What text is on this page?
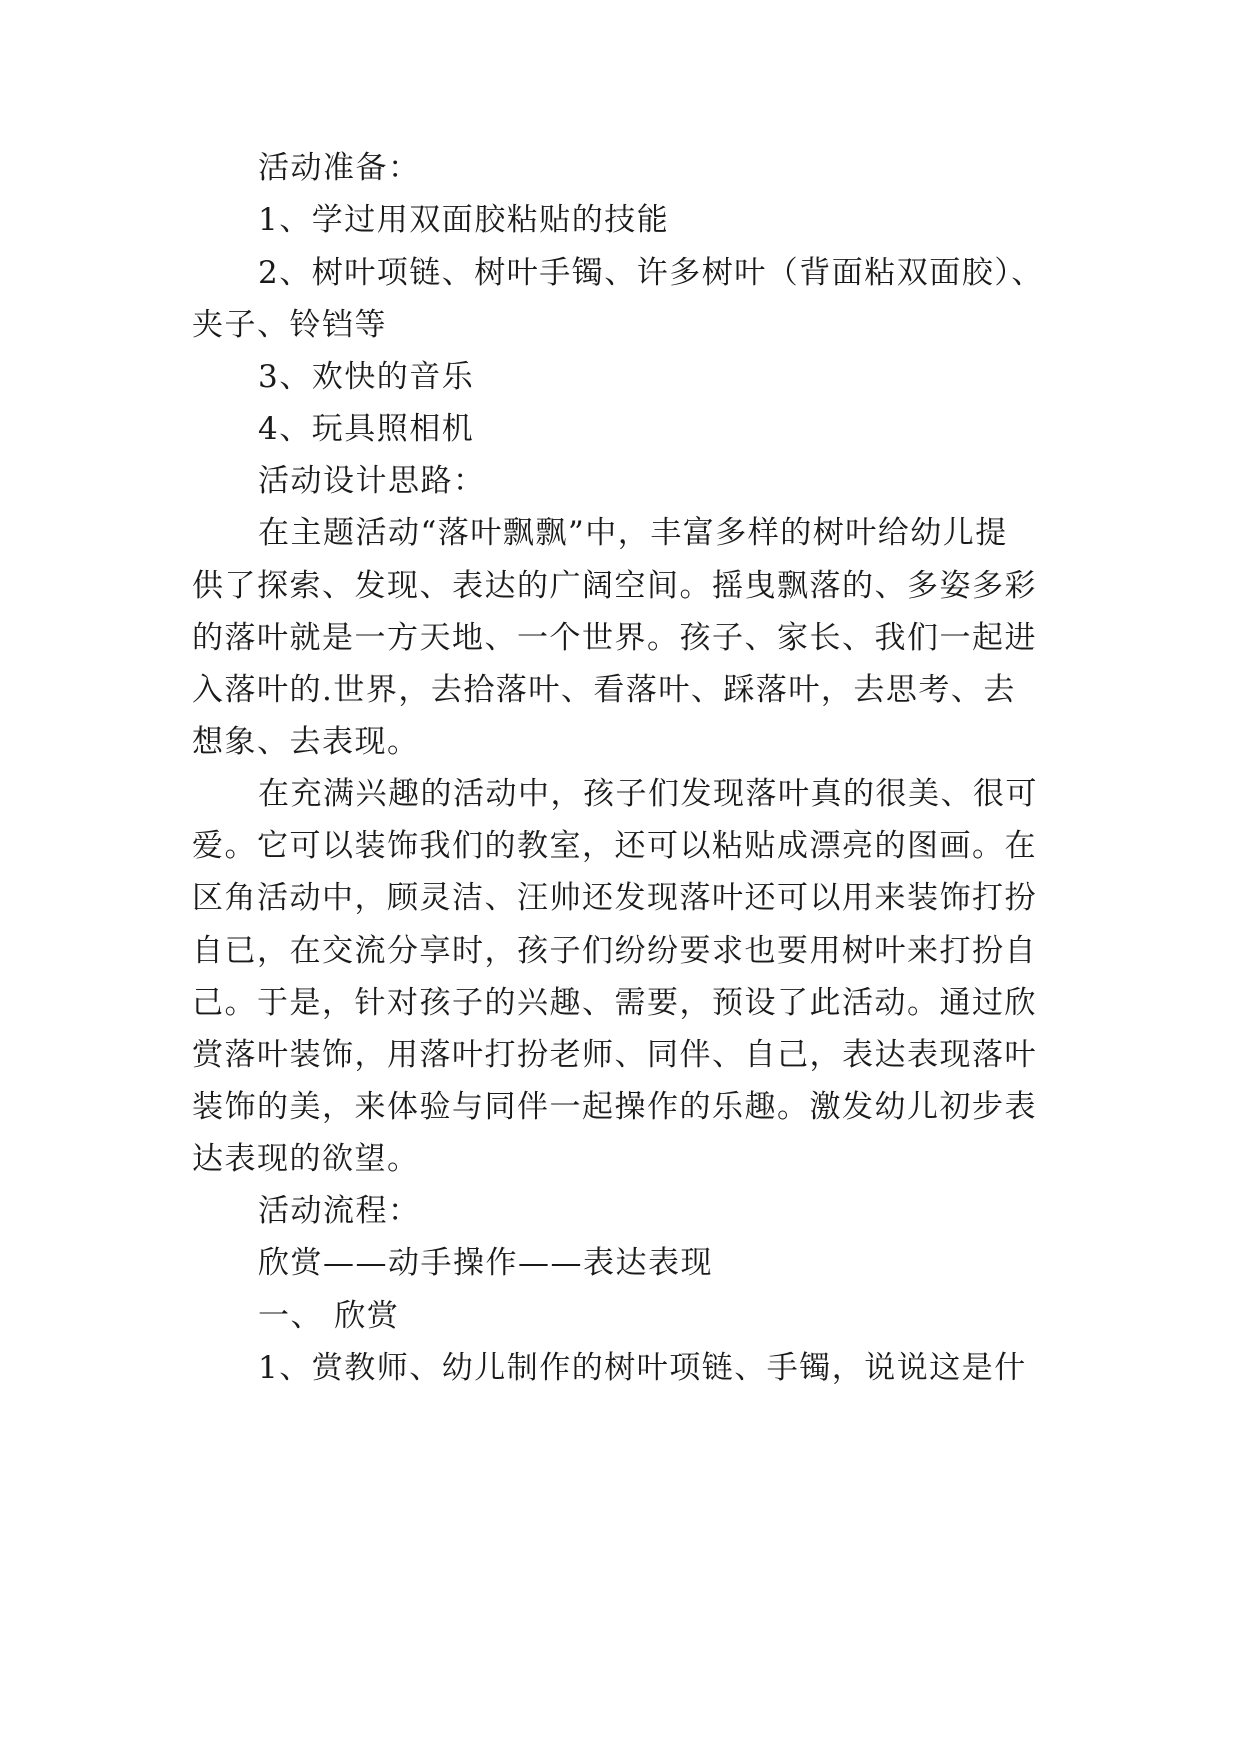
活动准备：
1、学过用双面胶粘贴的技能
2、树叶项链、树叶手镯、许多树叶（背面粘双面胶）、
夹子、铃铛等
3、欢快的音乐
4、玩具照相机
活动设计思路：
在主题活动“落叶飘飘”中，丰富多样的树叶给幼儿提
供了探索、发现、表达的广阔空间。摇曳飘落的、多姿多彩
的落叶就是一方天地、一个世界。孩子、家长、我们一起进
入落叶的.世界，去拾落叶、看落叶、踩落叶，去思考、去
想象、去表现。
在充满兴趣的活动中，孩子们发现落叶真的很美、很可
爱。它可以装饰我们的教室，还可以粘贴成漂亮的图画。在
区角活动中，顾灵洁、汪帅还发现落叶还可以用来装饰打扮
自已，在交流分享时，孩子们纷纷要求也要用树叶来打扮自
己。于是，针对孩子的兴趣、需要，预设了此活动。通过欣
赏落叶装饰，用落叶打扮老师、同伴、自己，表达表现落叶
装饰的美，来体验与同伴一起操作的乐趣。激发幼儿初步表
达表现的欲望。
活动流程：
欣赏——动手操作——表达表现
一、 欣赏
1、赏教师、幼儿制作的树叶项链、手镯，说说这是什
